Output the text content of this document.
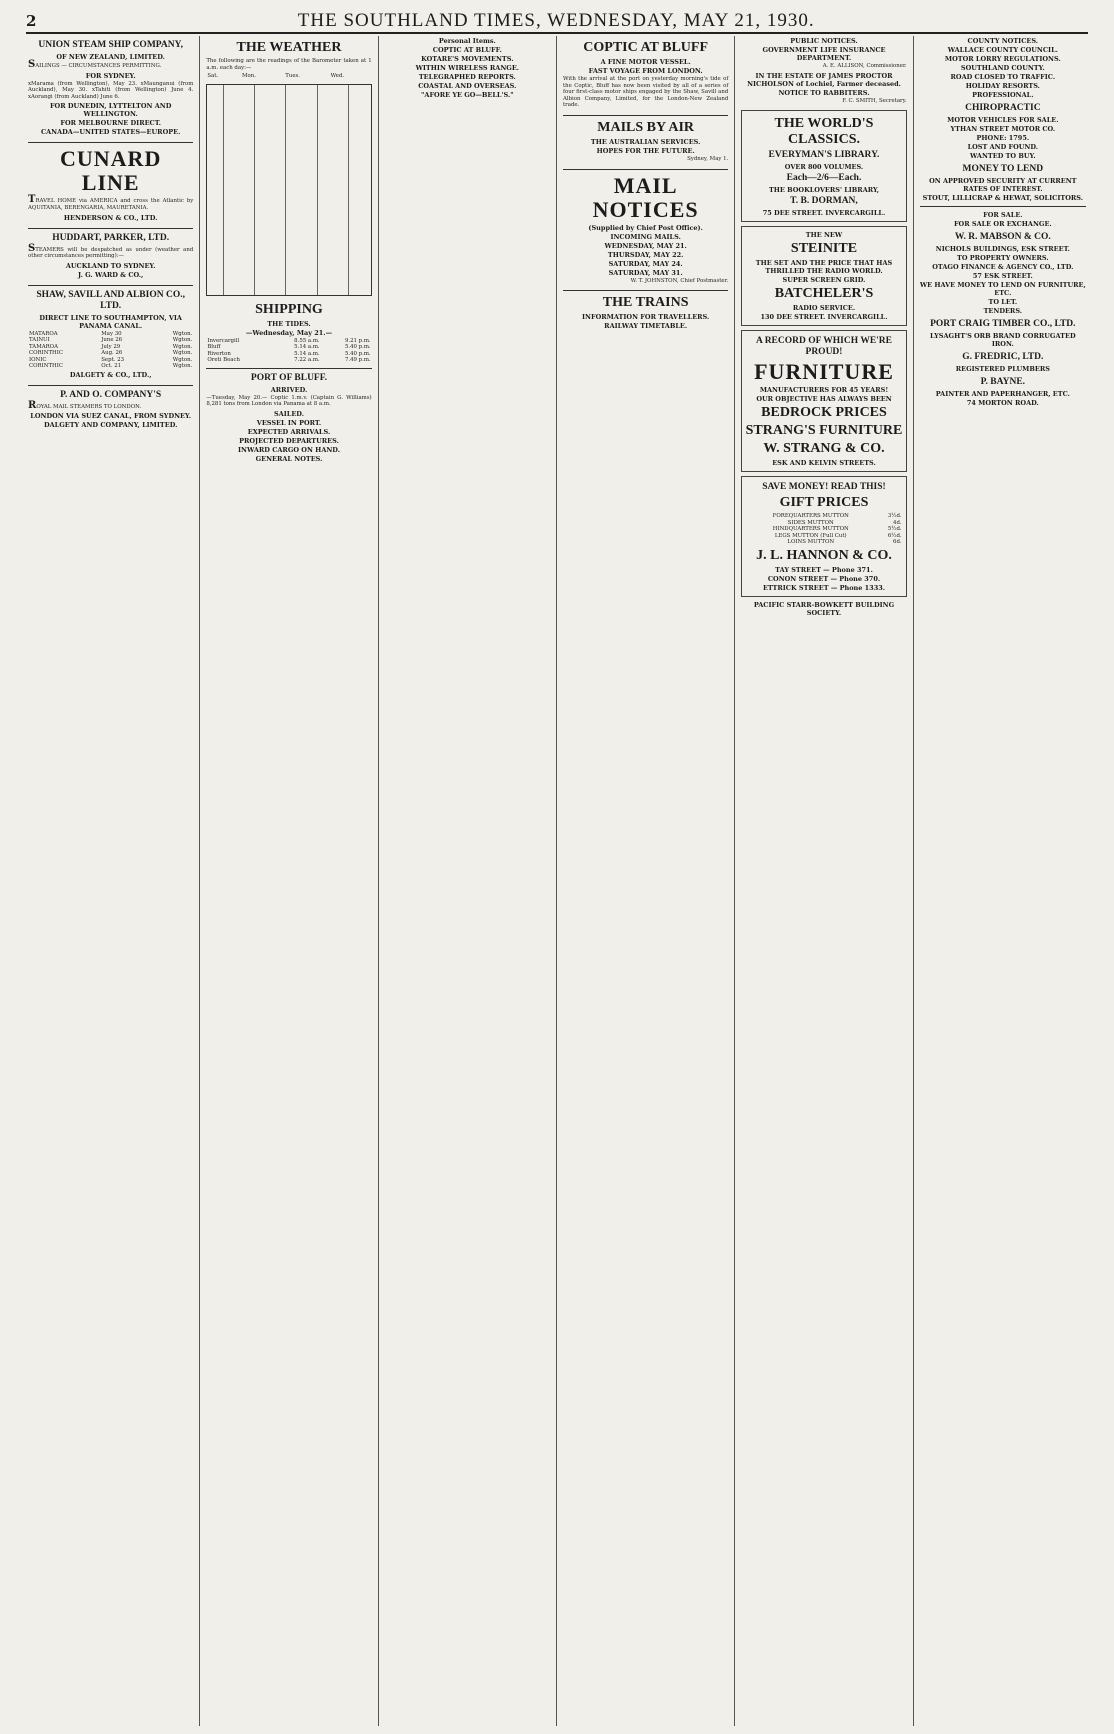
2	THE SOUTHLAND TIMES, WEDNESDAY, MAY 21, 1930.
UNION STEAM SHIP COMPANY,
OF NEW ZEALAND, LIMITED.

SAILINGS — CIRCUMSTANCES PERMITTING.

FOR SYDNEY.

xMarama (from Wellington), May 23. xMaunganui (from Auckland), May 30. xTahiti (from Wellington) June 4. xAorangi (from Auckland) June 6.

FOR DUNEDIN, LYTTELTON AND WELLINGTON.
FOR MELBOURNE DIRECT.
CANADA—UNITED STATES—EUROPE.
CUNARD LINE

TRAVEL HOME via AMERICA and cross the Atlantic by AQUITANIA, BERENGARIA, MAURETANIA.

HENDERSON & CO., LTD.
HUDDART, PARKER, LTD.

STEAMERS will be despatched as under (weather and other circumstances permitting):—

AUCKLAND TO SYDNEY.
J. G. WARD & CO.,
SHAW, SAVILL AND ALBION CO., LTD.
DIRECT LINE TO SOUTHAMPTON, VIA PANAMA CANAL.
MATAROA	May 30	Wgton.
TAINUI	June 26	Wgton.
TAMAROA	July 29	Wgton.
CORINTHIC	Aug. 26	Wgton.
IONIC	Sept. 23	Wgton.
CORINTHIC	Oct. 21	Wgton.
DALGETY & CO., LTD.,
P. AND O. COMPANY'S

ROYAL MAIL STEAMERS TO LONDON.

LONDON VIA SUEZ CANAL, FROM SYDNEY.
DALGETY AND COMPANY, LIMITED.
THE WEATHER

The following are the readings of the Barometer taken at 1 a.m. each day:—

Sat.	Mon.	Tues.	Wed.
SHIPPING
THE TIDES.
—Wednesday, May 21.—
Invercargill	8.55 a.m.	9.21 p.m.
Bluff	5.14 a.m.	5.40 p.m.
Riverton	5.14 a.m.	5.40 p.m.
Oreti Beach	7.22 a.m.	7.49 p.m.
PORT OF BLUFF.
ARRIVED.

—Tuesday, May 20.— Coptic 1.m.v. (Captain G. Williams) 8,281 tons from London via Panama at 8 a.m.

SAILED.
VESSEL IN PORT.
EXPECTED ARRIVALS.
PROJECTED DEPARTURES.
INWARD CARGO ON HAND.
GENERAL NOTES.
Personal Items.
COPTIC AT BLUFF.
KOTARE'S MOVEMENTS.
WITHIN WIRELESS RANGE.
TELEGRAPHED REPORTS.
COASTAL AND OVERSEAS.
"AFORE YE GO—BELL'S."
COPTIC AT BLUFF
A FINE MOTOR VESSEL.
FAST VOYAGE FROM LONDON.

With the arrival at the port on yesterday morning's tide of the Coptic, Bluff has now been visited by all of a series of four first-class motor ships engaged by the Shaw, Savill and Albion Company, Limited, for the London-New Zealand trade.

MAILS BY AIR
THE AUSTRALIAN SERVICES.
HOPES FOR THE FUTURE.

Sydney, May 1.

MAIL NOTICES
(Supplied by Chief Post Office).
INCOMING MAILS.
WEDNESDAY, MAY 21.
THURSDAY, MAY 22.
SATURDAY, MAY 24.
SATURDAY, MAY 31.

W. T. JOHNSTON, Chief Postmaster.

THE TRAINS
INFORMATION FOR TRAVELLERS.
RAILWAY TIMETABLE.
PUBLIC NOTICES.
GOVERNMENT LIFE INSURANCE DEPARTMENT.

A. E. ALLISON, Commissioner.

IN THE ESTATE OF JAMES PROCTOR NICHOLSON of Lochiel, Farmer deceased.
NOTICE TO RABBITERS.

F. C. SMITH, Secretary.

THE WORLD'S CLASSICS.
EVERYMAN'S LIBRARY.
OVER 800 VOLUMES.
Each—2/6—Each.
THE BOOKLOVERS' LIBRARY,
T. B. DORMAN,
75 DEE STREET. INVERCARGILL.
THE NEW
STEINITE
THE SET AND THE PRICE THAT HAS THRILLED THE RADIO WORLD.
SUPER SCREEN GRID.
BATCHELER'S
RADIO SERVICE.
130 DEE STREET. INVERCARGILL.
A RECORD OF WHICH WE'RE PROUD!
FURNITURE
MANUFACTURERS FOR 45 YEARS!
OUR OBJECTIVE HAS ALWAYS BEEN
BEDROCK PRICES
STRANG'S FURNITURE
W. STRANG & CO.
ESK AND KELVIN STREETS.
SAVE MONEY! READ THIS!
GIFT PRICES
FOREQUARTERS MUTTON	3½d.
SIDES MUTTON	4d.
HINDQUARTERS MUTTON	5½d.
LEGS MUTTON (Full Cut)	6½d.
LOINS MUTTON	6d.
J. L. HANNON & CO.
TAY STREET — Phone 371.
CONON STREET — Phone 370.
ETTRICK STREET — Phone 1333.
PACIFIC STARR-BOWKETT BUILDING SOCIETY.
COUNTY NOTICES.
WALLACE COUNTY COUNCIL.
MOTOR LORRY REGULATIONS.
SOUTHLAND COUNTY.
ROAD CLOSED TO TRAFFIC.
HOLIDAY RESORTS.
PROFESSIONAL.
CHIROPRACTIC
MOTOR VEHICLES FOR SALE.
YTHAN STREET MOTOR CO.
PHONE: 1795.
LOST AND FOUND.
WANTED TO BUY.
MONEY TO LEND
ON APPROVED SECURITY AT CURRENT RATES OF INTEREST.
STOUT, LILLICRAP & HEWAT, SOLICITORS.
FOR SALE.
FOR SALE OR EXCHANGE.
W. R. MABSON & CO.
NICHOLS BUILDINGS, ESK STREET.
TO PROPERTY OWNERS.
OTAGO FINANCE & AGENCY CO., LTD.
57 ESK STREET.
WE HAVE MONEY TO LEND ON FURNITURE, ETC.
TO LET.
TENDERS.
PORT CRAIG TIMBER CO., LTD.
LYSAGHT'S ORB BRAND CORRUGATED IRON.
G. FREDRIC, LTD.
REGISTERED PLUMBERS
P. BAYNE.
PAINTER AND PAPERHANGER, ETC.
74 MORTON ROAD.
